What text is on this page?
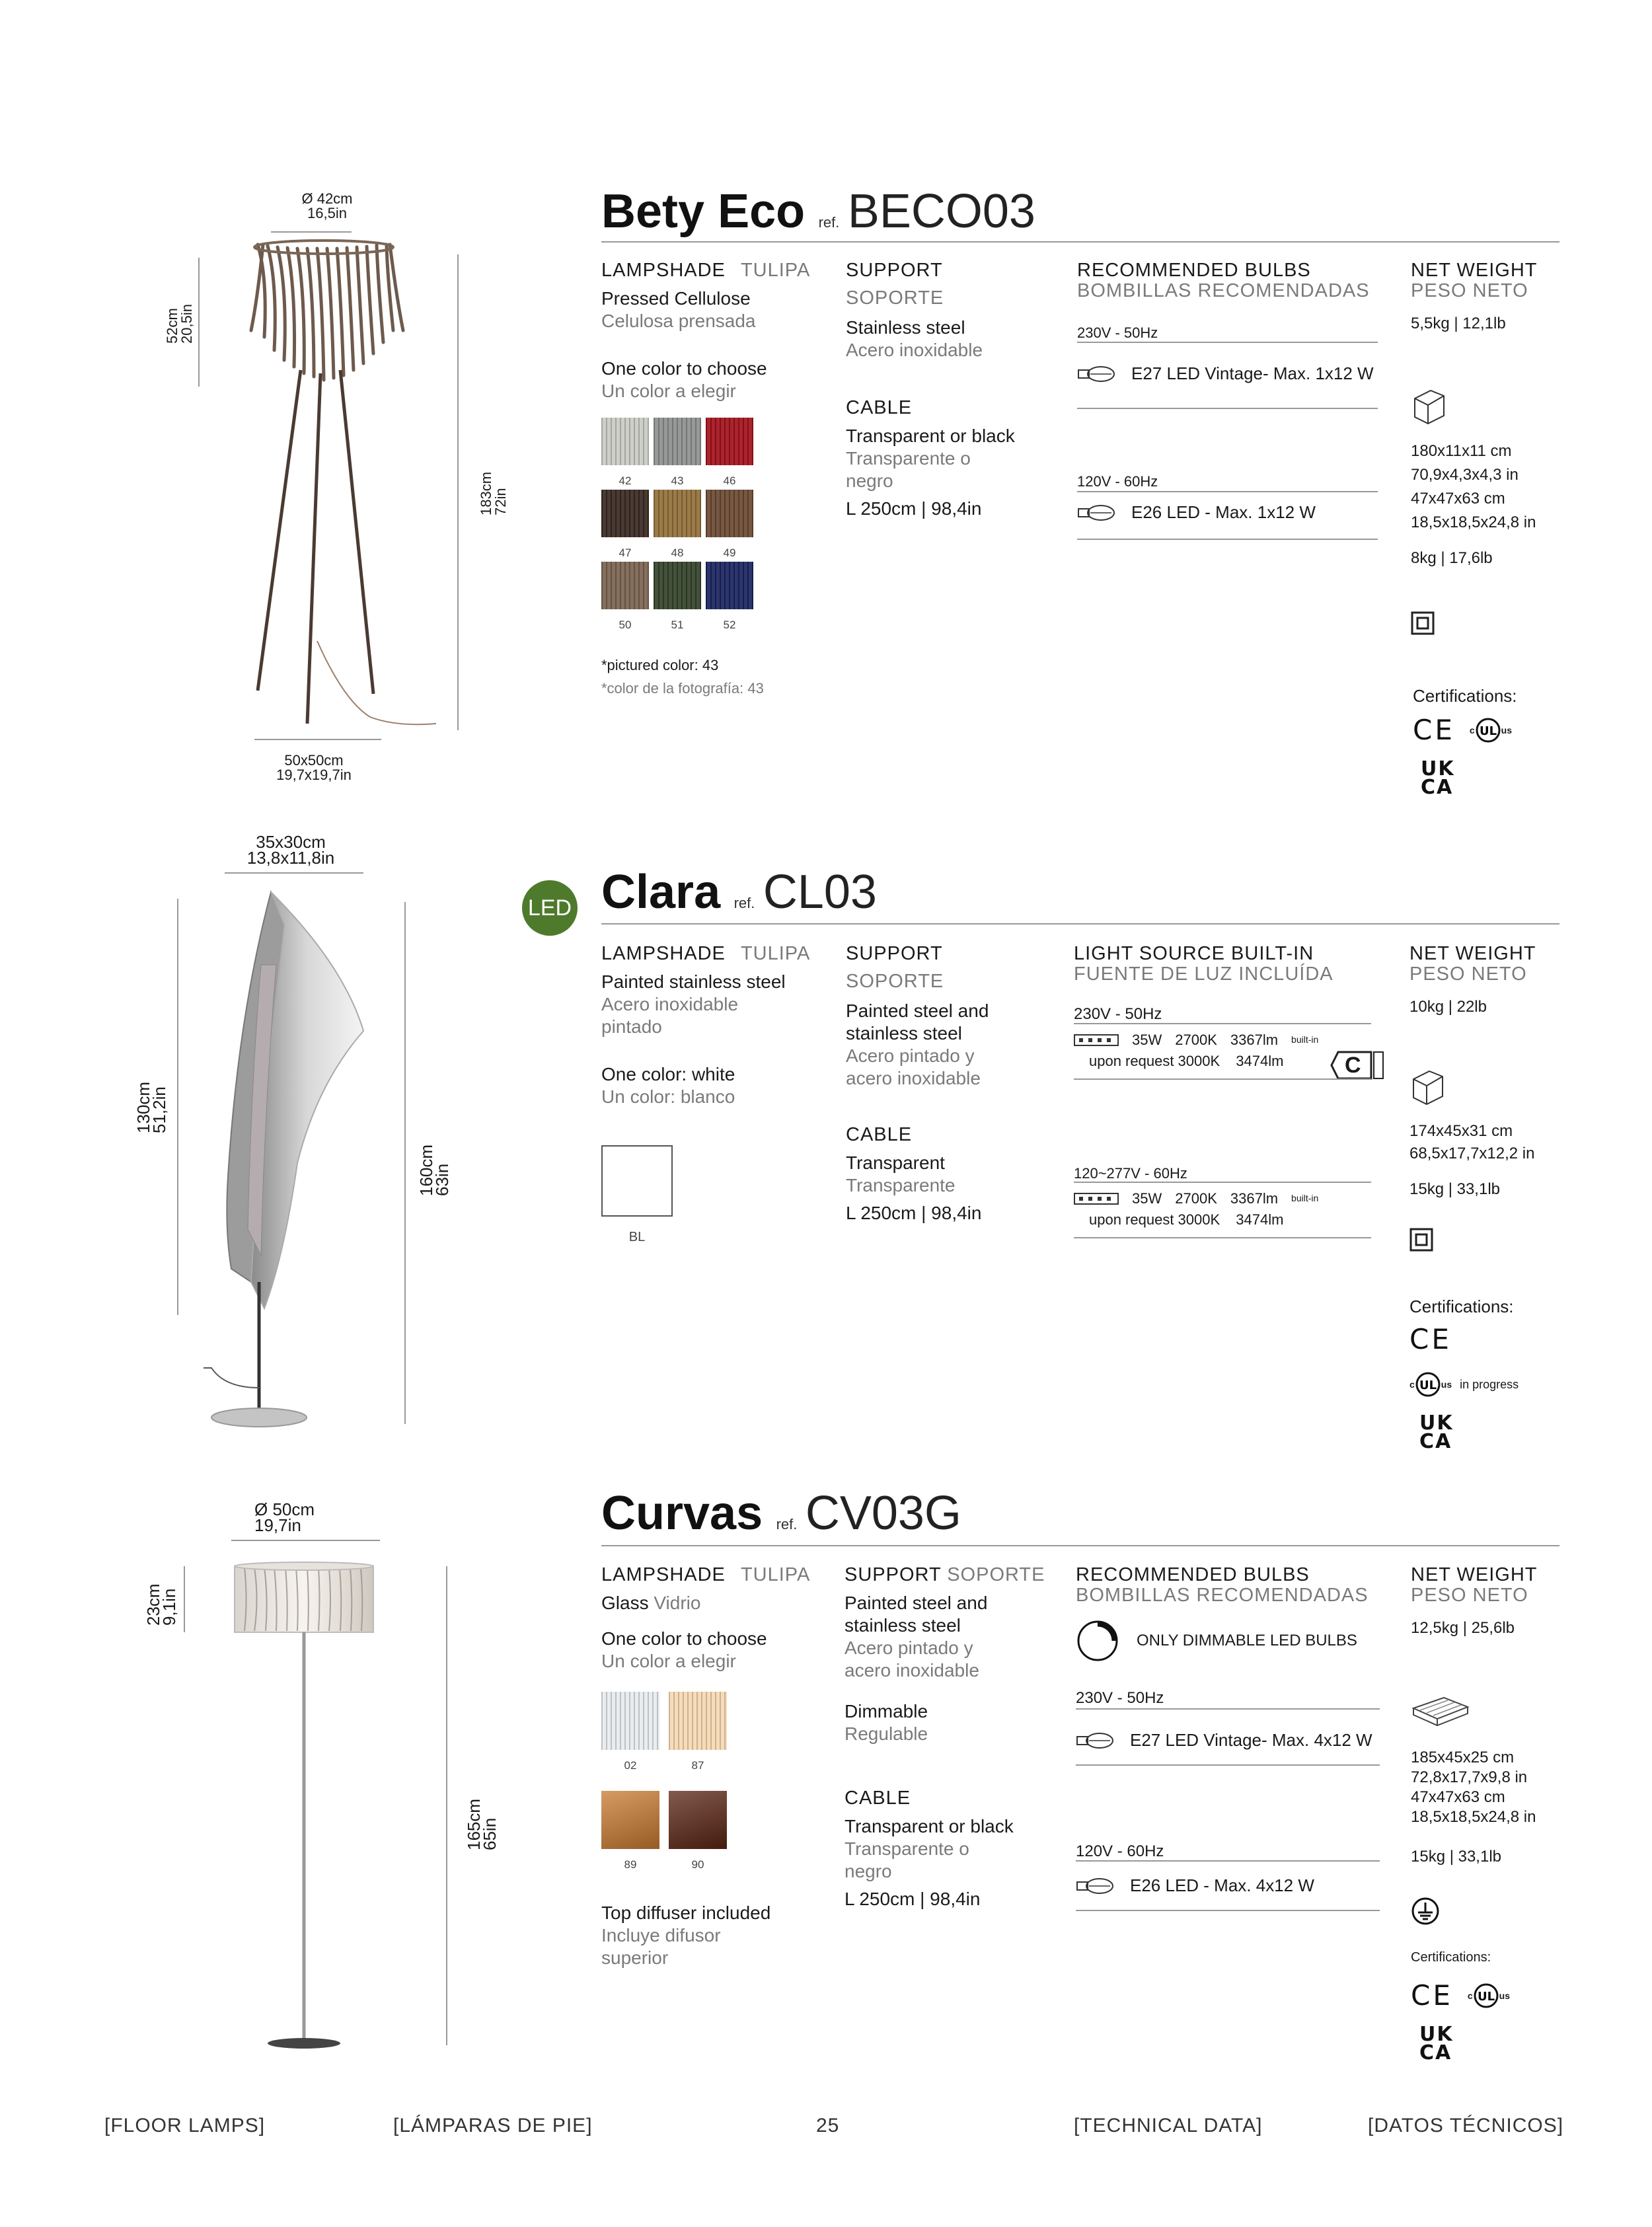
Ø 42cm
16,5in
52cm
20,5in
183cm
72in
50x50cm
19,7x19,7in
Bety Eco ref. BECO03
LAMPSHADE TULIPA
Pressed Cellulose
Celulosa prensada
One color to choose
Un color a elegir
42	43	46
47	48	49
50	51	52
*pictured color: 43
*color de la fotografía: 43
SUPPORT
SOPORTE
Stainless steel
Acero inoxidable
CABLE
Transparent or black
Transparente o
negro
L 250cm | 98,4in
RECOMMENDED BULBS
BOMBILLAS RECOMENDADAS
230V - 50Hz
E27 LED Vintage- Max. 1x12 W
120V - 60Hz
E26 LED - Max. 1x12 W
NET WEIGHT
PESO NETO
5,5kg | 12,1lb
180x11x11 cm
70,9x4,3x4,3 in
47x47x63 cm
18,5x18,5x24,8 in
8kg | 17,6lb
Certifications:
CE c UL us
UK
CA
35x30cm
13,8x11,8in
130cm
51,2in
160cm
63in
LED Clara ref. CL03
LAMPSHADE TULIPA
Painted stainless steel
Acero inoxidable
pintado
One color: white
Un color: blanco
BL
SUPPORT
SOPORTE
Painted steel and
stainless steel
Acero pintado y
acero inoxidable
CABLE
Transparent
Transparente
L 250cm | 98,4in
LIGHT SOURCE BUILT-IN
FUENTE DE LUZ INCLUÍDA
230V - 50Hz
35W 2700K 3367lm built-in
upon request 3000K 3474lm	C
120~277V - 60Hz
35W 2700K 3367lm built-in
upon request 3000K 3474lm
NET WEIGHT
PESO NETO
10kg | 22lb
174x45x31 cm
68,5x17,7x12,2 in
15kg | 33,1lb
Certifications:
CE
c UL us in progress
UK
CA
Ø 50cm
19,7in
23cm
9,1in
165cm
65in
Curvas ref. CV03G
LAMPSHADE TULIPA
Glass Vidrio
One color to choose
Un color a elegir
02	87
89	90
Top diffuser included
Incluye difusor
superior
SUPPORT SOPORTE
Painted steel and
stainless steel
Acero pintado y
acero inoxidable
Dimmable
Regulable
CABLE
Transparent or black
Transparente o
negro
L 250cm | 98,4in
RECOMMENDED BULBS
BOMBILLAS RECOMENDADAS
ONLY DIMMABLE LED BULBS
230V - 50Hz
E27 LED Vintage- Max. 4x12 W
120V - 60Hz
E26 LED - Max. 4x12 W
NET WEIGHT
PESO NETO
12,5kg | 25,6lb
185x45x25 cm
72,8x17,7x9,8 in
47x47x63 cm
18,5x18,5x24,8 in
15kg | 33,1lb
Certifications:
CE c UL us
UK
CA
[FLOOR LAMPS]	[LÁMPARAS DE PIE]	25	[TECHNICAL DATA]	[DATOS TÉCNICOS]
